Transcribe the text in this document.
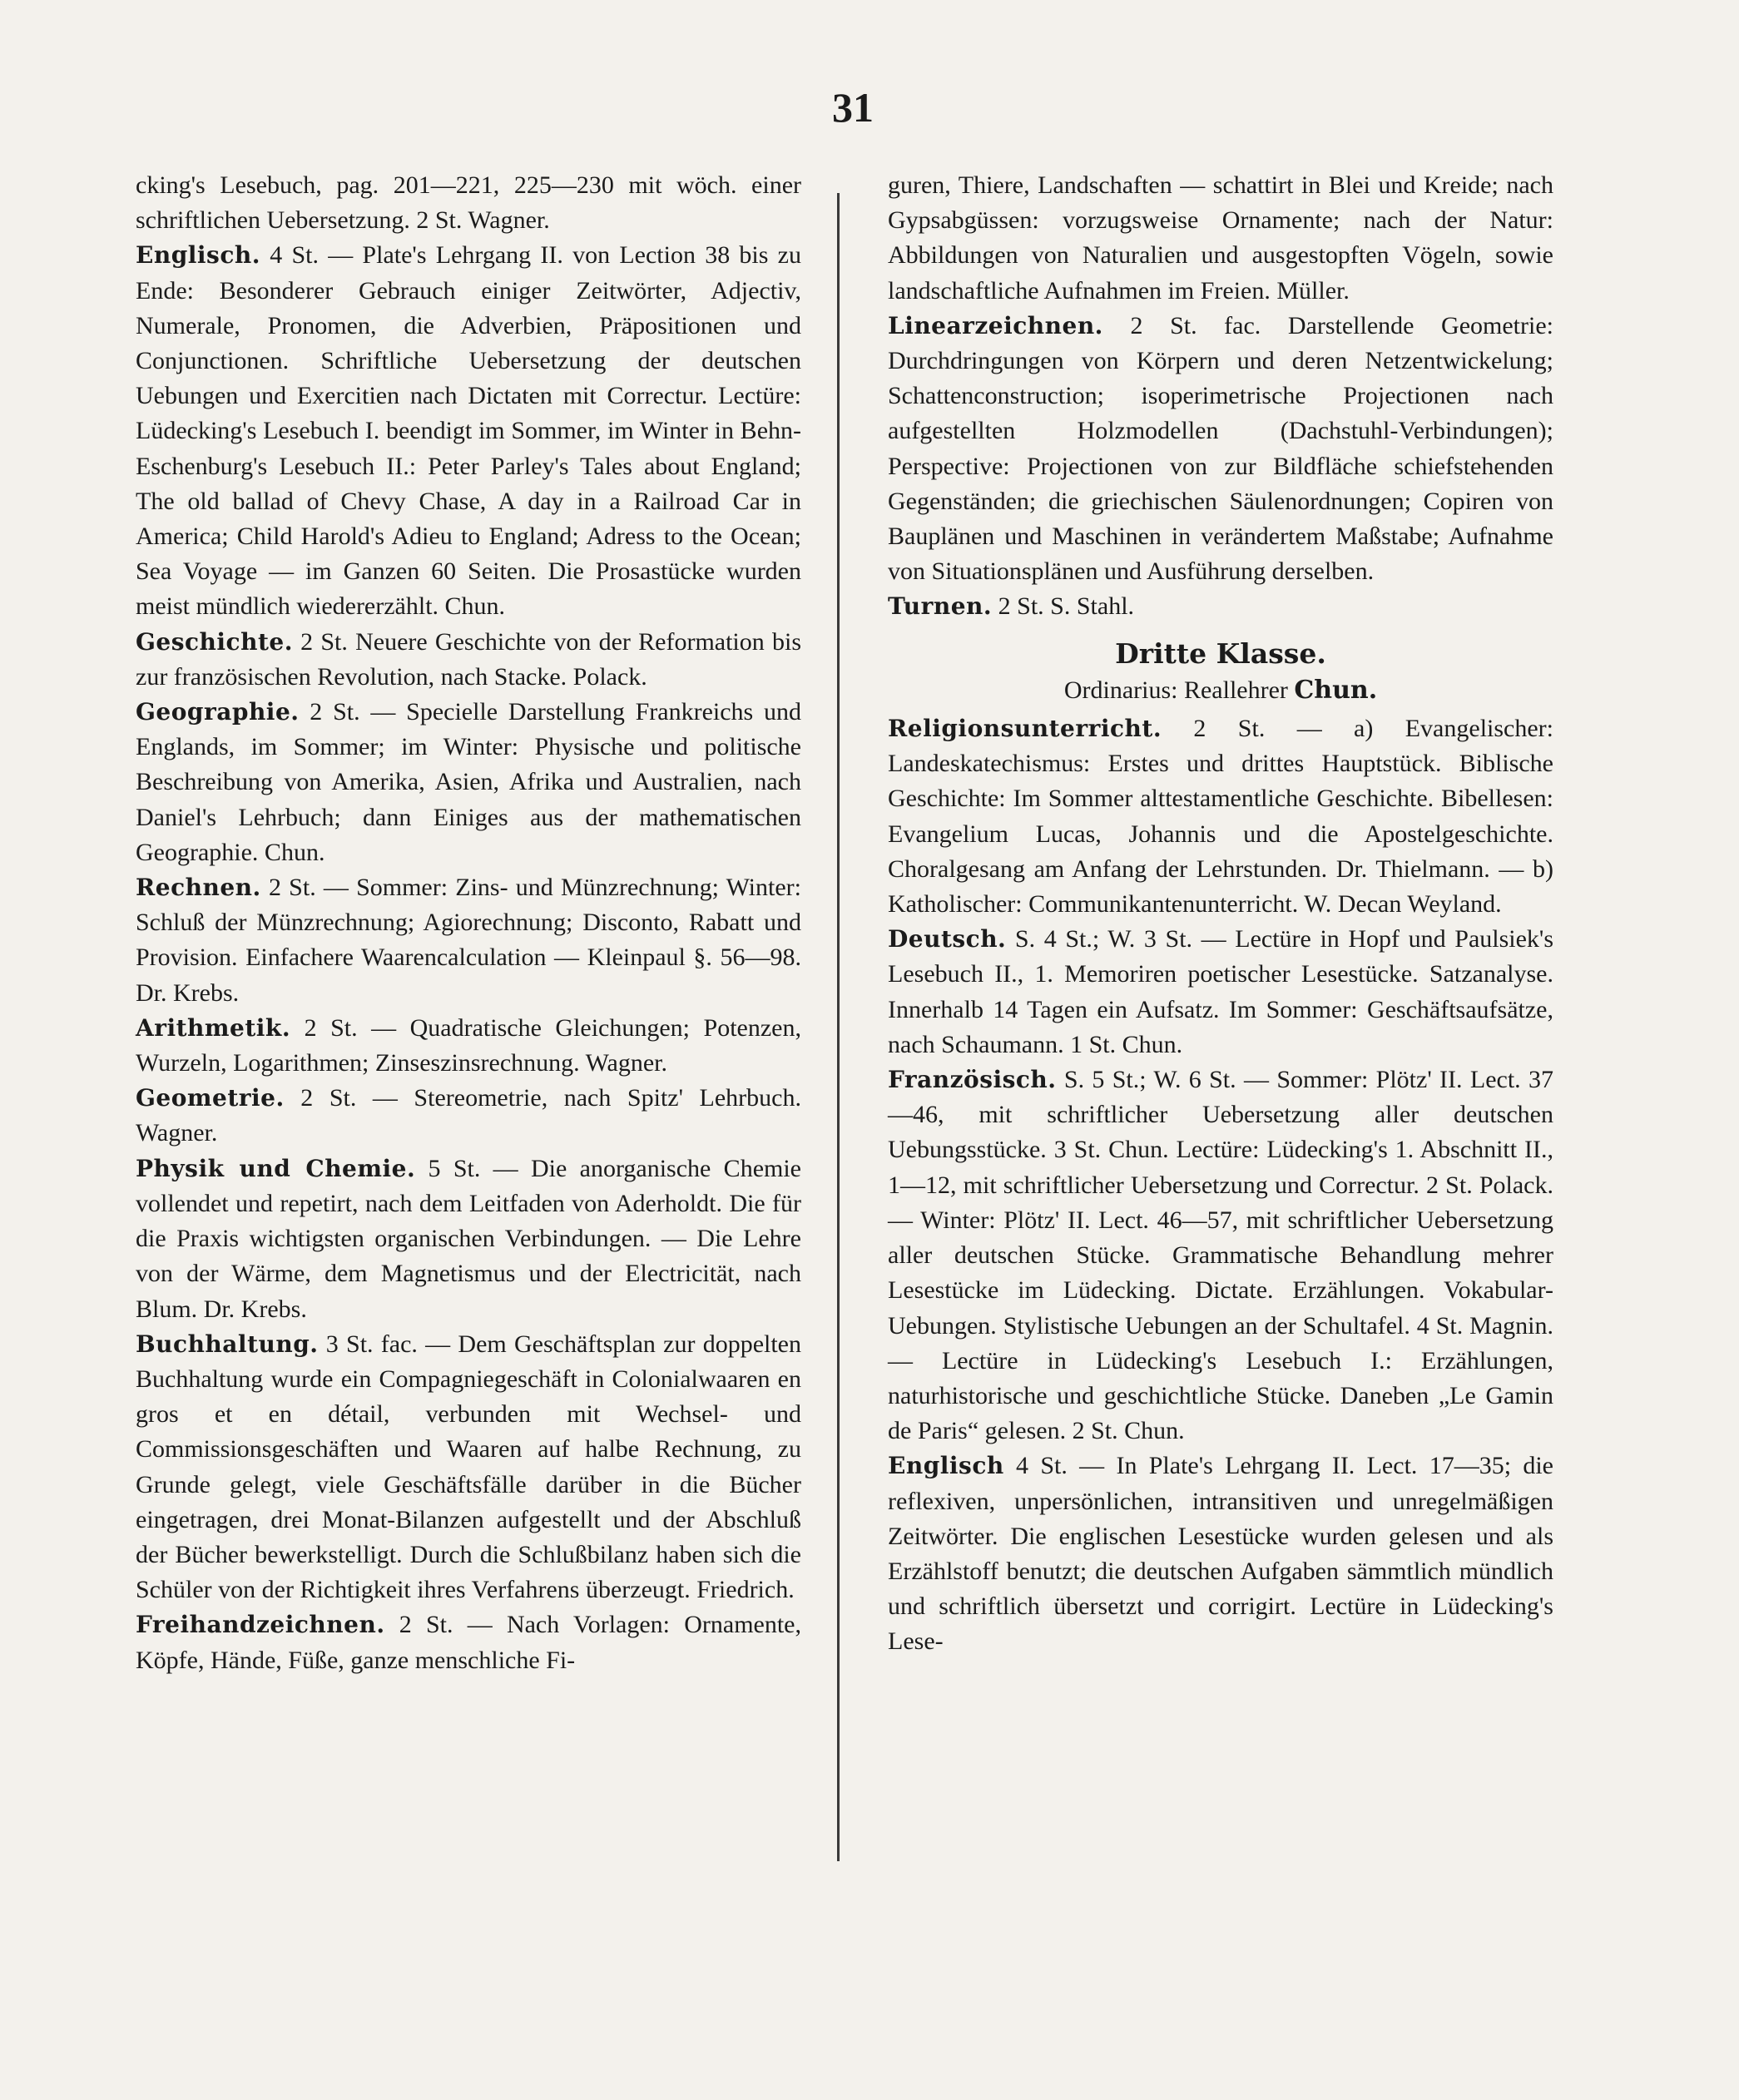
31

cking's Lesebuch, pag. 201—221, 225—230 mit wöch. einer schriftlichen Uebersetzung. 2 St. Wagner.

Englisch. 4 St. — Plate's Lehrgang II. von Lection 38 bis zu Ende: Besonderer Gebrauch einiger Zeitwörter, Adjectiv, Numerale, Pronomen, die Adverbien, Präpositionen und Conjunctionen. Schriftliche Uebersetzung der deutschen Uebungen und Exercitien nach Dictaten mit Correctur. Lectüre: Lüdecking's Lesebuch I. beendigt im Sommer, im Winter in Behn-Eschenburg's Lesebuch II.: Peter Parley's Tales about England; The old ballad of Chevy Chase, A day in a Railroad Car in America; Child Harold's Adieu to England; Adress to the Ocean; Sea Voyage — im Ganzen 60 Seiten. Die Prosastücke wurden meist mündlich wiedererzählt. Chun.

Geschichte. 2 St. Neuere Geschichte von der Reformation bis zur französischen Revolution, nach Stacke. Polack.

Geographie. 2 St. — Specielle Darstellung Frankreichs und Englands, im Sommer; im Winter: Physische und politische Beschreibung von Amerika, Asien, Afrika und Australien, nach Daniel's Lehrbuch; dann Einiges aus der mathematischen Geographie. Chun.

Rechnen. 2 St. — Sommer: Zins- und Münzrechnung; Winter: Schluß der Münzrechnung; Agiorechnung; Disconto, Rabatt und Provision. Einfachere Waarencalculation — Kleinpaul §. 56—98. Dr. Krebs.

Arithmetik. 2 St. — Quadratische Gleichungen; Potenzen, Wurzeln, Logarithmen; Zinseszinsrechnung. Wagner.

Geometrie. 2 St. — Stereometrie, nach Spitz' Lehrbuch. Wagner.

Physik und Chemie. 5 St. — Die anorganische Chemie vollendet und repetirt, nach dem Leitfaden von Aderholdt. Die für die Praxis wichtigsten organischen Verbindungen. — Die Lehre von der Wärme, dem Magnetismus und der Electricität, nach Blum. Dr. Krebs.

Buchhaltung. 3 St. fac. — Dem Geschäftsplan zur doppelten Buchhaltung wurde ein Compagniegeschäft in Colonialwaaren en gros et en détail, verbunden mit Wechsel- und Commissionsgeschäften und Waaren auf halbe Rechnung, zu Grunde gelegt, viele Geschäftsfälle darüber in die Bücher eingetragen, drei Monat-Bilanzen aufgestellt und der Abschluß der Bücher bewerkstelligt. Durch die Schlußbilanz haben sich die Schüler von der Richtigkeit ihres Verfahrens überzeugt. Friedrich.

Freihandzeichnen. 2 St. — Nach Vorlagen: Ornamente, Köpfe, Hände, Füße, ganze menschliche Fi-

guren, Thiere, Landschaften — schattirt in Blei und Kreide; nach Gypsabgüssen: vorzugsweise Ornamente; nach der Natur: Abbildungen von Naturalien und ausgestopften Vögeln, sowie landschaftliche Aufnahmen im Freien. Müller.

Linearzeichnen. 2 St. fac. Darstellende Geometrie: Durchdringungen von Körpern und deren Netzentwickelung; Schattenconstruction; isoperimetrische Projectionen nach aufgestellten Holzmodellen (Dachstuhl-Verbindungen); Perspective: Projectionen von zur Bildfläche schiefstehenden Gegenständen; die griechischen Säulenordnungen; Copiren von Bauplänen und Maschinen in verändertem Maßstabe; Aufnahme von Situationsplänen und Ausführung derselben.

Turnen. 2 St. S. Stahl.

Dritte Klasse.
Ordinarius: Reallehrer Chun.

Religionsunterricht. 2 St. — a) Evangelischer: Landeskatechismus: Erstes und drittes Hauptstück. Biblische Geschichte: Im Sommer alttestamentliche Geschichte. Bibellesen: Evangelium Lucas, Johannis und die Apostelgeschichte. Choralgesang am Anfang der Lehrstunden. Dr. Thielmann. — b) Katholischer: Communikantenunterricht. W. Decan Weyland.

Deutsch. S. 4 St.; W. 3 St. — Lectüre in Hopf und Paulsiek's Lesebuch II., 1. Memoriren poetischer Lesestücke. Satzanalyse. Innerhalb 14 Tagen ein Aufsatz. Im Sommer: Geschäftsaufsätze, nach Schaumann. 1 St. Chun.

Französisch. S. 5 St.; W. 6 St. — Sommer: Plötz' II. Lect. 37—46, mit schriftlicher Uebersetzung aller deutschen Uebungsstücke. 3 St. Chun. Lectüre: Lüdecking's 1. Abschnitt II., 1—12, mit schriftlicher Uebersetzung und Correctur. 2 St. Polack. — Winter: Plötz' II. Lect. 46—57, mit schriftlicher Uebersetzung aller deutschen Stücke. Grammatische Behandlung mehrer Lesestücke im Lüdecking. Dictate. Erzählungen. Vokabular-Uebungen. Stylistische Uebungen an der Schultafel. 4 St. Magnin. — Lectüre in Lüdecking's Lesebuch I.: Erzählungen, naturhistorische und geschichtliche Stücke. Daneben „Le Gamin de Paris“ gelesen. 2 St. Chun.

Englisch 4 St. — In Plate's Lehrgang II. Lect. 17—35; die reflexiven, unpersönlichen, intransitiven und unregelmäßigen Zeitwörter. Die englischen Lesestücke wurden gelesen und als Erzählstoff benutzt; die deutschen Aufgaben sämmtlich mündlich und schriftlich übersetzt und corrigirt. Lectüre in Lüdecking's Lese-
